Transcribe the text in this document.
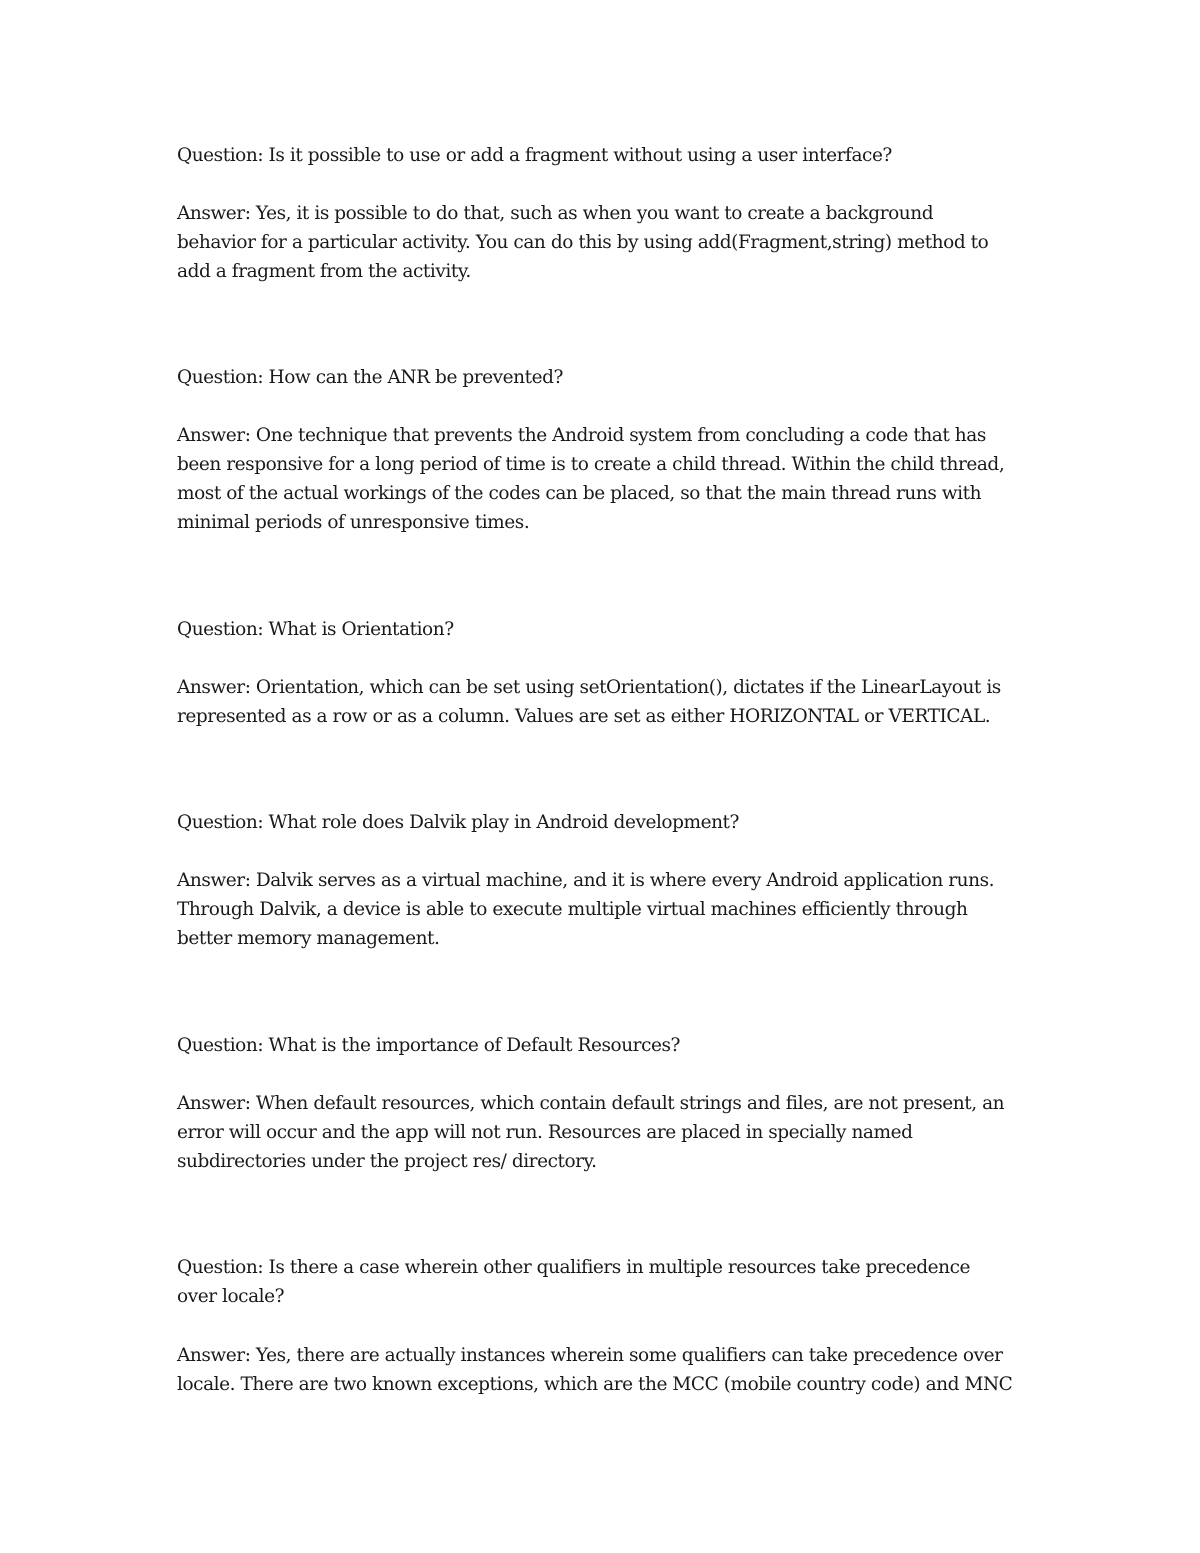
Question: Is it possible to use or add a fragment without using a user interface?

Answer: Yes, it is possible to do that, such as when you want to create a background

behavior for a particular activity. You can do this by using add(Fragment,string) method to

add a fragment from the activity.

Question: How can the ANR be prevented?

Answer: One technique that prevents the Android system from concluding a code that has

been responsive for a long period of time is to create a child thread. Within the child thread,

most of the actual workings of the codes can be placed, so that the main thread runs with

minimal periods of unresponsive times.

Question: What is Orientation?

Answer: Orientation, which can be set using setOrientation(), dictates if the LinearLayout is

represented as a row or as a column. Values are set as either HORIZONTAL or VERTICAL.

Question: What role does Dalvik play in Android development?

Answer: Dalvik serves as a virtual machine, and it is where every Android application runs.

Through Dalvik, a device is able to execute multiple virtual machines efficiently through

better memory management.

Question: What is the importance of Default Resources?

Answer: When default resources, which contain default strings and files, are not present, an

error will occur and the app will not run. Resources are placed in specially named

subdirectories under the project res/ directory.

Question: Is there a case wherein other qualifiers in multiple resources take precedence

over locale?

Answer: Yes, there are actually instances wherein some qualifiers can take precedence over

locale. There are two known exceptions, which are the MCC (mobile country code) and MNC
